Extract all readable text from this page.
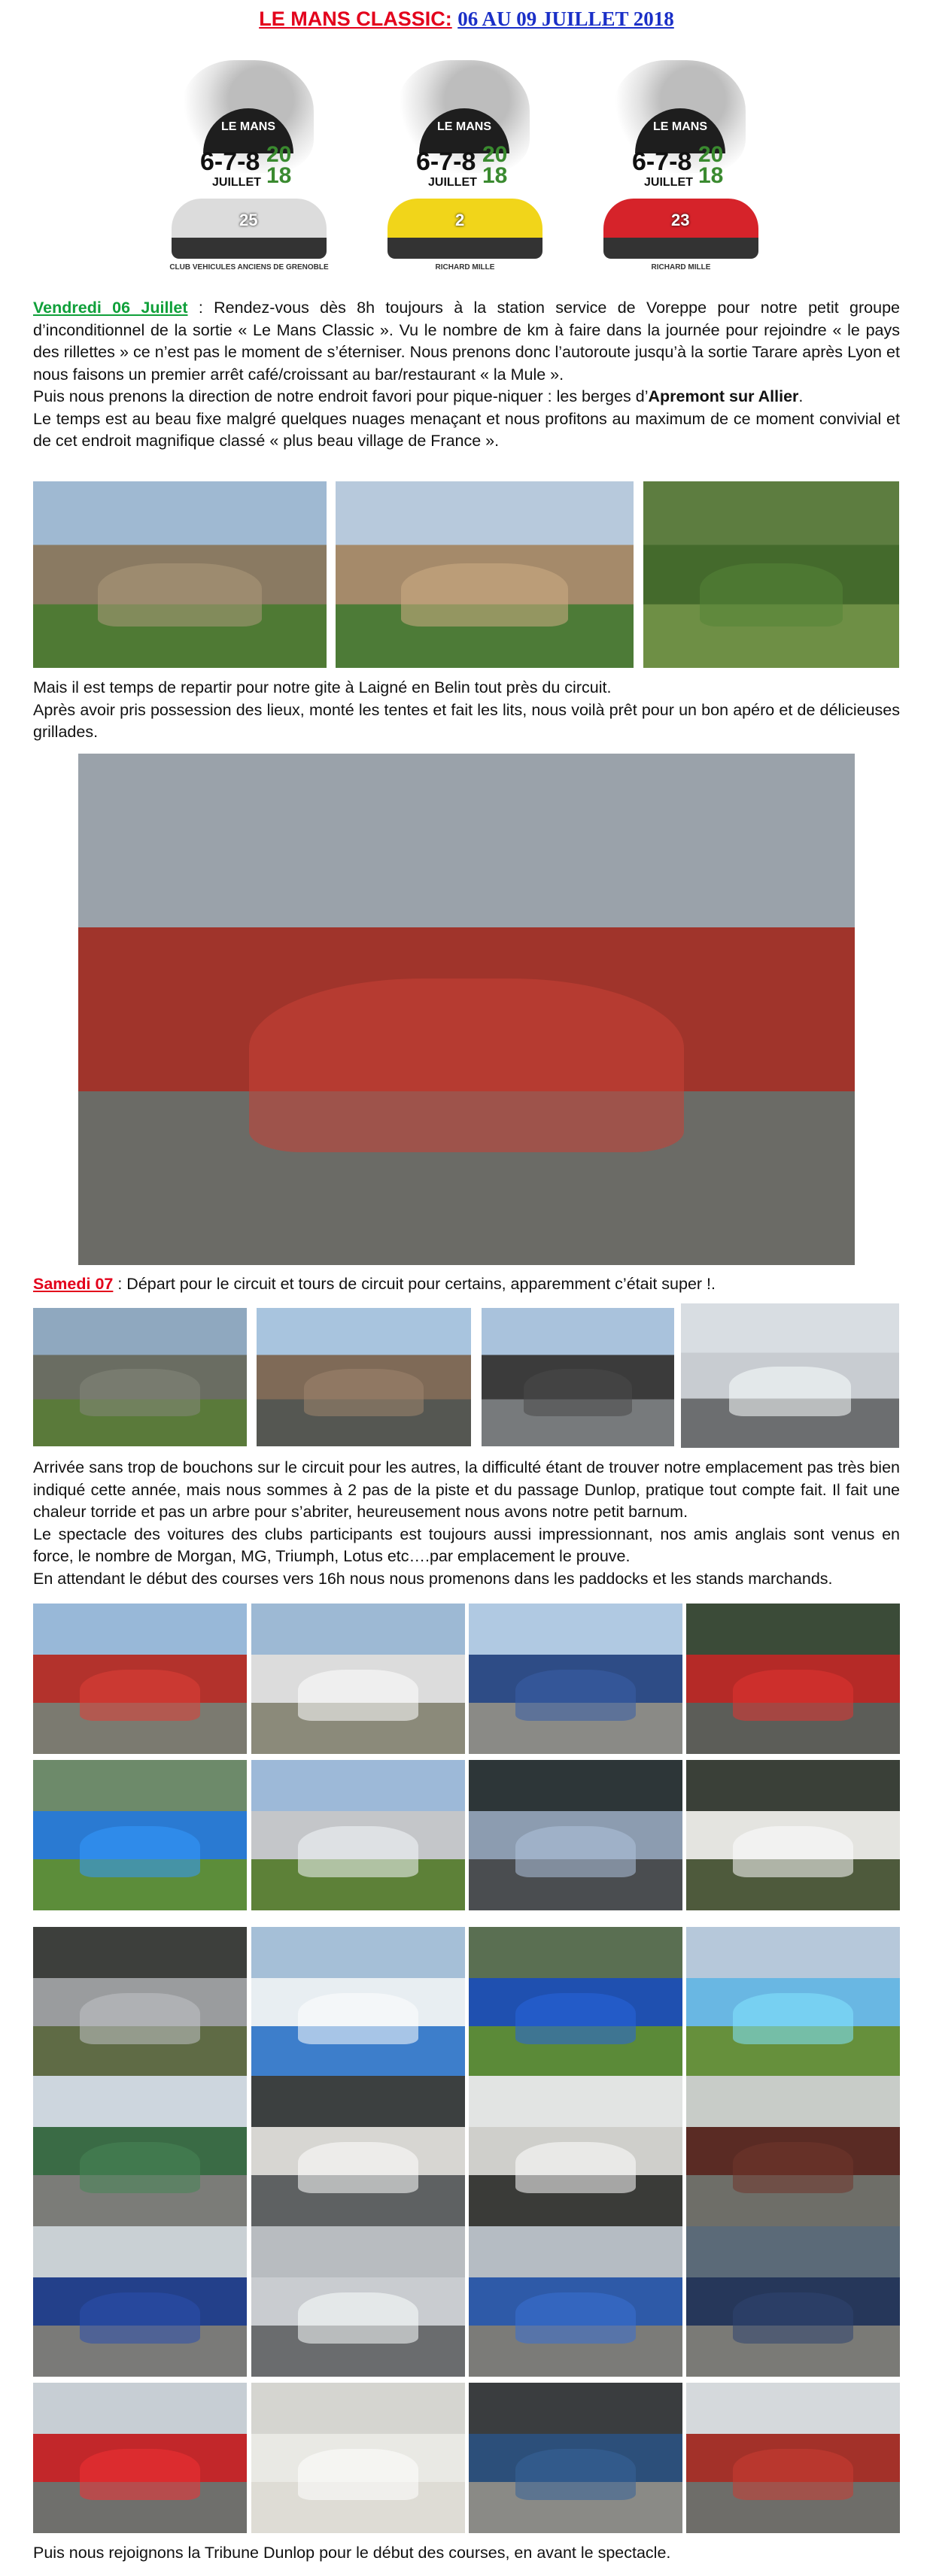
LE MANS CLASSIC: 06 AU 09 JUILLET 2018
LE MANS
6-7-8 20
18
JUILLET
25
CLUB VEHICULES ANCIENS DE GRENOBLE
LE MANS
6-7-8 20
18
JUILLET
2
RICHARD MILLE
LE MANS
6-7-8 20
18
JUILLET
23
RICHARD MILLE

Vendredi 06 Juillet : Rendez-vous dès 8h toujours à la station service de Voreppe pour notre petit groupe d’inconditionnel de la sortie « Le Mans Classic ». Vu le nombre de km à faire dans la journée pour rejoindre « le pays des rillettes » ce n’est pas le moment de s’éterniser. Nous prenons donc l’autoroute jusqu’à la sortie Tarare après Lyon et nous faisons un premier arrêt café/croissant au bar/restaurant « la Mule ».

Puis nous prenons la direction de notre endroit favori pour pique-niquer : les berges d’Apremont sur Allier.

Le temps est au beau fixe malgré quelques nuages menaçant et nous profitons au maximum de ce moment convivial et de cet endroit magnifique classé « plus beau village de France ».

Mais il est temps de repartir pour notre gite à Laigné en Belin tout près du circuit.

Après avoir pris possession des lieux, monté les tentes et fait les lits, nous voilà prêt pour un bon apéro et de délicieuses grillades.

Samedi 07 : Départ pour le circuit et tours de circuit pour certains, apparemment c’était super !.

Arrivée sans trop de bouchons sur le circuit pour les autres, la difficulté étant de trouver notre emplacement pas très bien indiqué cette année, mais nous sommes à 2 pas de la piste et du passage Dunlop, pratique tout compte fait. Il fait une chaleur torride et pas un arbre pour s’abriter, heureusement nous avons notre petit barnum.

Le spectacle des voitures des clubs participants est toujours aussi impressionnant, nos amis anglais sont venus en force, le nombre de Morgan, MG, Triumph, Lotus etc….par emplacement le prouve.

En attendant le début des courses vers 16h nous nous promenons dans les paddocks et les stands marchands.

Puis nous rejoignons la Tribune Dunlop pour le début des courses, en avant le spectacle.
